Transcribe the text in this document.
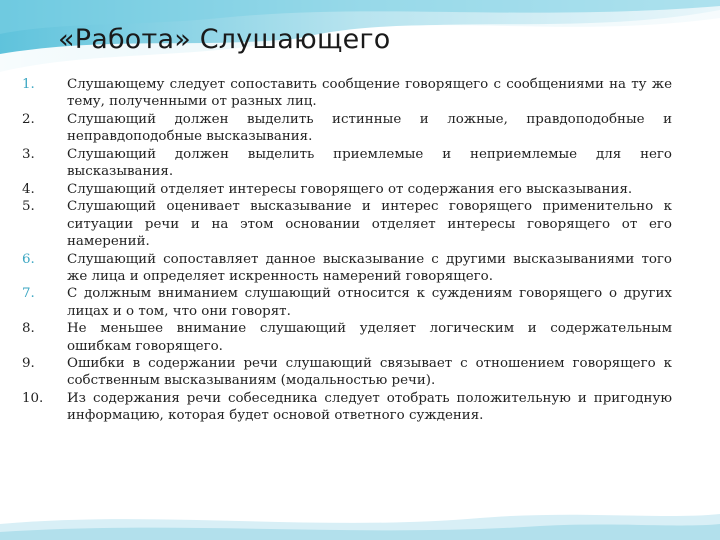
«Работа» Слушающего
1. Слушающему следует сопоставить сообщение говорящего с сообщениями на ту же тему, полученными от разных лиц.
2. Слушающий должен выделить истинные и ложные, правдоподобные и неправдоподобные высказывания.
3. Слушающий должен выделить приемлемые и неприемлемые для него высказывания.
4. Слушающий отделяет интересы говорящего от содержания его высказывания.
5. Слушающий оценивает высказывание и интерес говорящего применительно к ситуации речи и на этом основании отделяет интересы говорящего от его намерений.
6. Слушающий сопоставляет данное высказывание с другими высказываниями того же лица и определяет искренность намерений говорящего.
7. С должным вниманием слушающий относится к суждениям говорящего о других лицах и о том, что они говорят.
8. Не меньшее внимание слушающий уделяет логическим и содержательным ошибкам говорящего.
9. Ошибки в содержании речи слушающий связывает с отношением говорящего к собственным высказываниям (модальностью речи).
10. Из содержания речи собеседника следует отобрать положительную и пригодную информацию, которая будет основой ответного суждения.
